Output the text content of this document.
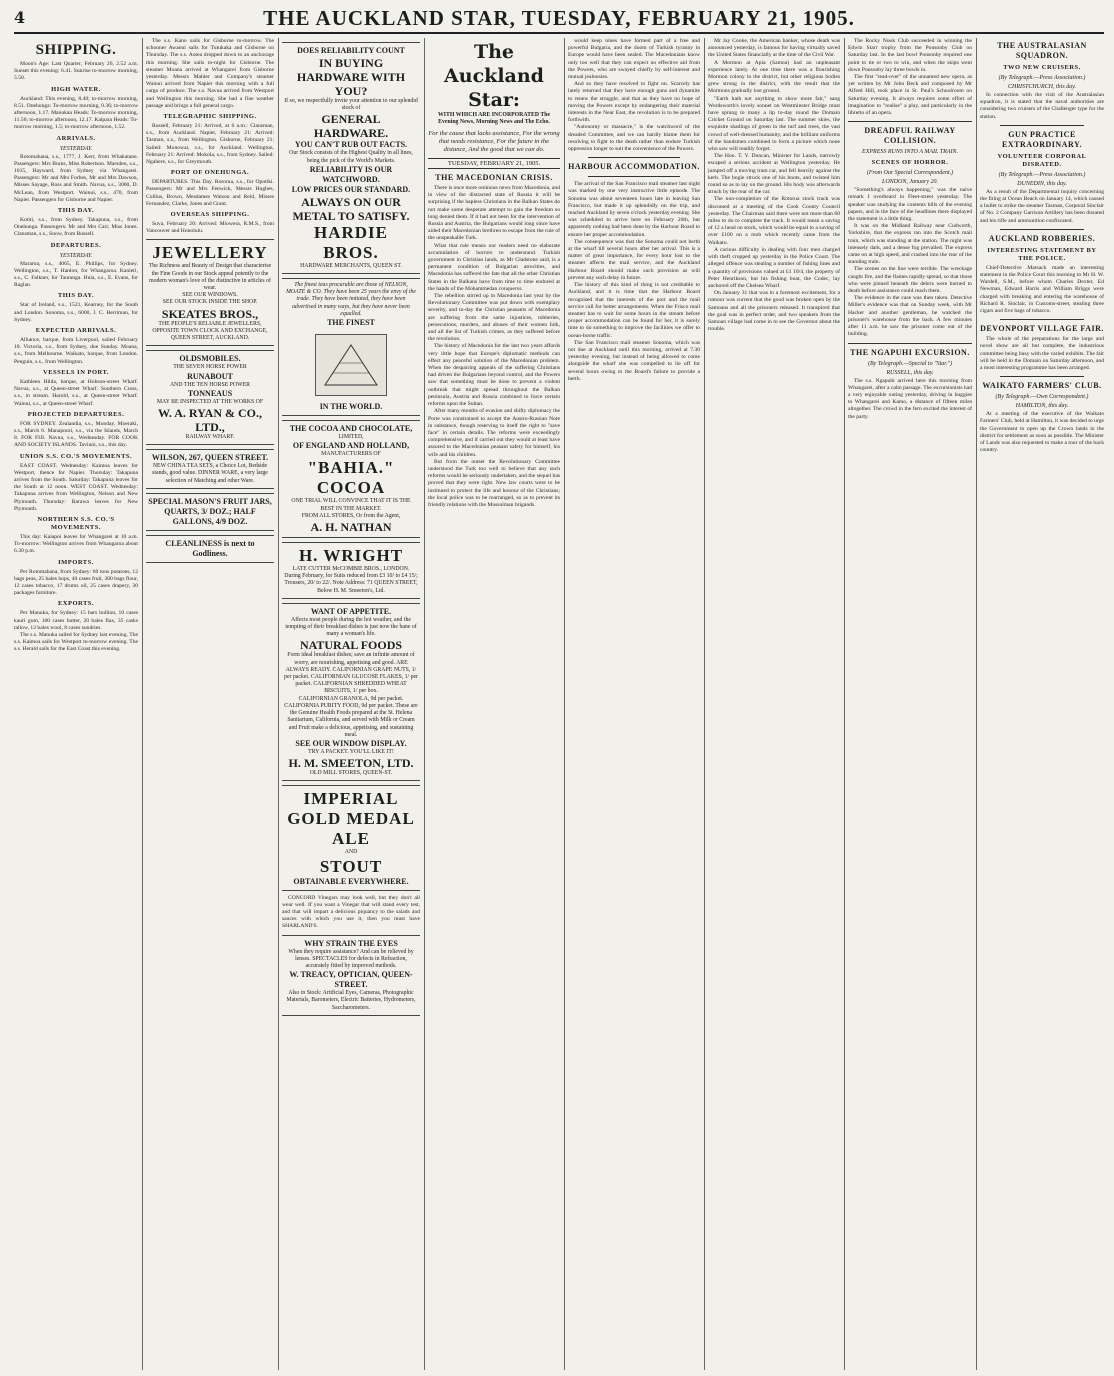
4	THE AUCKLAND STAR, TUESDAY, FEBRUARY 21, 1905.
SHIPPING.

Moon's Age: Last Quarter, February 26, 2.52 a.m. Sunset this evening: 6.41. Sunrise to-morrow morning, 5.50.

HIGH WATER.

Auckland: This evening, 8.40; to-morrow morning, 8.51. Onehunga: To-morrow morning, 0.36; to-morrow afternoon, 1.17. Manukau Heads: To-morrow morning, 11.56; to-morrow afternoon, 12.17. Kaipara Heads: To-morrow morning, 1.5; to-morrow afternoon, 1.52.

ARRIVALS.
YESTERDAY.

Rotomahana, s.s., 1777, J. Kerr, from Whakatane. Passengers: Mrs Burns, Miss Robertson. Marsden, s.s., 1015, Hayward, from Sydney via Whangarei. Passengers: Mr and Mrs Forbes, Mr and Mrs Dawson, Misses Sayage, Ross and Smith. Navua, s.s., 3000, D. McLean, from Westport. Wainui, s.s., 470, from Napier. Passengers for Gisborne and Napier.

THIS DAY.

Kotiti, s.s., from Sydney. Takapuna, s.s., from Onehunga. Passengers: Mr and Mrs Carr, Miss Jones. Clansman, s.s., Snow, from Russell.

DEPARTURES.
YESTERDAY.

Mararoa, s.s., 4065, E. Phillips, for Sydney. Wellington, s.s., T. Hanlon, for Whangaroa. Kanieri, s.s., C. Falkner, for Tauranga. Huia, s.s., E. Evans, for Raglan.

THIS DAY.

Star of Ireland, s.s., 1521, Kearney, for the South and London. Sonoma, s.s., 6000, J. C. Herriman, for Sydney.

EXPECTED ARRIVALS.

Alliance, barque, from Liverpool, sailed February 10. Victoria, s.s., from Sydney, due Sunday. Moana, s.s., from Melbourne. Waikato, barque, from London. Penguin, s.s., from Wellington.

VESSELS IN PORT.

Kathleen Hilda, barque, at Hobson-street Wharf. Navua, s.s., at Queen-street Wharf. Southern Cross, s.s., in stream. Harold, s.s., at Queen-street Wharf. Wainui, s.s., at Queen-street Wharf.

PROJECTED DEPARTURES.

FOR SYDNEY. Zealandia, s.s., Monday. Moeraki, s.s., March 6. Manapouri, s.s., via the Islands, March 8. FOR FIJI. Navua, s.s., Wednesday. FOR COOK AND SOCIETY ISLANDS. Taviuni, s.s., this day.

UNION S.S. CO.'S MOVEMENTS.

EAST COAST. Wednesday: Kaimoa leaves for Westport, thence for Napier. Thursday: Takapuna arrives from the South. Saturday: Takapuna leaves for the South at 12 noon. WEST COAST. Wednesday: Takapuna arrives from Wellington, Nelson and New Plymouth. Thursday: Rarawa leaves for New Plymouth.

NORTHERN S.S. CO.'S MOVEMENTS.

This day: Kaiapoi leaves for Whangarei at 10 a.m. To-morrow: Wellington arrives from Whangaroa about 6.30 p.m.

IMPORTS.

Per Rotomahana, from Sydney: 60 tons potatoes, 12 bags peas, 25 bales hops, 40 cases fruit, 300 bags flour, 12 cases tobacco, 17 drums oil, 25 cases drapery, 30 packages furniture.

EXPORTS.

Per Manuka, for Sydney: 15 bars bullion, 10 cases kauri gum, 100 cases butter, 20 bales flax, 35 casks tallow, 12 bales wool, 8 cases sundries.

The s.s. Manuka sailed for Sydney last evening. The s.s. Kaimoa sails for Westport to-morrow evening. The s.s. Herald sails for the East Coast this evening.

The s.s. Kano sails for Gisborne to-morrow. The schooner Awanui sails for Tutukaka and Gisborne on Thursday. The s.s. Aotea dropped down to an anchorage this morning. She sails to-night for Gisborne. The steamer Moana arrived at Whangarei from Gisborne yesterday. Messrs Mahler and Company's steamer Wainui arrived from Napier this morning with a full cargo of produce. The s.s. Navua arrived from Westport and Wellington this morning. She had a fine weather passage and brings a full general cargo.

TELEGRAPHIC SHIPPING.

Russell, February 21: Arrived, at 6 a.m.: Clansman, s.s., from Auckland. Napier, February 21: Arrived: Tasman, s.s., from Wellington. Gisborne, February 21: Sailed: Monowai, s.s., for Auckland. Wellington, February 21: Arrived: Mokoia, s.s., from Sydney. Sailed: Ngahere, s.s., for Greymouth.

PORT OF ONEHUNGA.

DEPARTURES. This Day. Rotorua, s.s., for Opotiki. Passengers: Mr and Mrs Fenwick, Messrs Hughes, Collins, Brown, Mesdames Watson and Reid, Misses Fernandez, Clarke, Jones and Grant.

OVERSEAS SHIPPING.

Suva, February 20: Arrived: Miowera, R.M.S., from Vancouver and Honolulu.

JEWELLERY
The Richness and Beauty of Design that characterise the Fine Goods in our Stock appeal potently to the modern woman's love of the distinctive in articles of wear.
SEE OUR WINDOWS.
SEE OUR STOCK INSIDE THE SHOP.
SKEATES BROS.,
THE PEOPLE'S RELIABLE JEWELLERS,
OPPOSITE TOWN CLOCK AND EXCHANGE, QUEEN STREET, AUCKLAND.
OLDSMOBILES.
THE SEVEN HORSE POWER
RUNABOUT
AND THE TEN HORSE POWER
TONNEAUS
MAY BE INSPECTED AT THE WORKS OF
W. A. RYAN & CO., LTD.,
RAILWAY WHARF.
WILSON, 267, QUEEN STREET.
NEW CHINA TEA SETS, a Choice Lot, Bedside stands, good value. DINNER WARE, a very large selection of Matching and other Ware.
SPECIAL MASON'S FRUIT JARS,
QUARTS, 3/ DOZ.; HALF GALLONS, 4/9 DOZ.
CLEANLINESS is next to Godliness.
DOES RELIABILITY COUNT
IN BUYING HARDWARE WITH YOU?
If so, we respectfully invite your attention to our splendid stock of
GENERAL HARDWARE.
YOU CAN'T RUB OUT FACTS.
Our Stock consists of the Highest Quality in all lines, being the pick of the World's Markets.
RELIABILITY IS OUR WATCHWORD.
LOW PRICES OUR STANDARD.
ALWAYS ON OUR METAL TO SATISFY.
HARDIE BROS.
HARDWARE MERCHANTS, QUEEN ST.
The finest teas procurable are those of NELSON, MOATE & CO. They have been 25 years the envy of the trade. They have been imitated, they have been advertised in many ways, but they have never been equalled.
THE FINEST
IN THE WORLD.
THE COCOA AND CHOCOLATE,
LIMITED,
OF ENGLAND AND HOLLAND,
MANUFACTURERS OF
"BAHIA." COCOA
ONE TRIAL WILL CONVINCE THAT IT IS THE BEST IN THE MARKET.
FROM ALL STORES, Or from the Agent,
A. H. NATHAN
H. WRIGHT
LATE CUTTER McCOMBIE BROS., LONDON.
During February, for Suits reduced from £3 10/ to £4 15/; Trousers, 20/ to 22/. Note Address: 71 QUEEN STREET, Below H. M. Smeeton's, Ltd.
WANT OF APPETITE.
Affects most people during the hot weather, and the tempting of their breakfast dishes is just now the bane of many a woman's life.
NATURAL FOODS
Form ideal breakfast dishes; save an infinite amount of worry, are nourishing, appetising and good. ARE ALWAYS READY. CALIFORNIAN GRAPE NUTS, 1/ per packet. CALIFORNIAN GLUCOSE FLAKES, 1/ per packet. CALIFORNIAN SHREDDED WHEAT BISCUITS, 1/ per box.
CALIFORNIAN GRANOLA, 9d per packet. CALIFORNIA PURITY FOOD, 9d per packet. These are the Genuine Health Foods prepared at the St. Helena Sanitarium, California, and served with Milk or Cream and Fruit make a delicious, appetising, and sustaining meal.
SEE OUR WINDOW DISPLAY.
TRY A PACKET. YOU'LL LIKE IT!
H. M. SMEETON, LTD.
OLD MILL STORES, QUEEN-ST.
IMPERIAL
GOLD MEDAL
ALE
AND
STOUT
OBTAINABLE EVERYWHERE.

CONCORD Vinegars may look well, but they don't all wear well. If you want a Vinegar that will stand every test, and that will impart a delicious piquancy to the salads and sauces with which you use it, then you must have SHARLAND'S.

WHY STRAIN THE EYES
When they require assistance? And can be relieved by lenses. SPECTACLES for defects in Refraction, accurately fitted by improved methods.
W. TREACY, OPTICIAN, QUEEN-STREET.
Also in Stock: Artificial Eyes, Cameras, Photographic Materials, Barometers, Electric Batteries, Hydrometers, Saccharometers.
The Auckland Star:
WITH WHICH ARE INCORPORATED The Evening News, Morning News and The Echo.
For the cause that lacks assistance, For the wrong that needs resistance, For the future in the distance, And the good that we can do.
TUESDAY, FEBRUARY 21, 1905.
THE MACEDONIAN CRISIS.

There is once more ominous news from Macedonia, and in view of the distracted state of Russia it will be surprising if the hapless Christians in the Balkan States do not make some desperate attempt to gain the freedom so long denied them. If it had not been for the intervention of Russia and Austria, the Bulgarians would long since have aided their Macedonian brethren to escape from the rule of the unspeakable Turk.

What that rule means our readers need no elaborate accumulation of horrors to understand. Turkish government in Christian lands, as Mr Gladstone said, is a permanent condition of Bulgarian atrocities, and Macedonia has suffered the fate that all the other Christian States in the Balkans have from time to time endured at the hands of the Mohammedan conqueror.

The rebellion stirred up in Macedonia last year by the Revolutionary Committee was put down with exemplary severity, and to-day the Christian peasants of Macedonia are suffering from the same injustices, robberies, persecutions, murders, and abuses of their women folk, and all the list of Turkish crimes, as they suffered before the revolution.

The history of Macedonia for the last two years affords very little hope that Europe's diplomatic methods can effect any peaceful solution of the Macedonian problem. When the despairing appeals of the suffering Christians had driven the Bulgarians beyond control, and the Powers saw that something must be done to prevent a violent outbreak that might spread throughout the Balkan peninsula, Austria and Russia combined to force certain reforms upon the Sultan.

After many months of evasion and shifty diplomacy the Porte was constrained to accept the Austro-Russian Note in substance, though reserving to itself the right to "save face" in certain details. The reforms were exceedingly comprehensive, and if carried out they would at least have assured to the Macedonian peasant safety for himself, his wife and his children.

But from the outset the Revolutionary Committee understood the Turk too well to believe that any such reforms would be seriously undertaken, and the sequel has proved that they were right. New law courts were to be instituted to protect the life and honour of the Christians; the local police was to be rearranged, so as to prevent its friendly relations with the Mussulman brigands.

would keep nines have formed part of a free and powerful Bulgaria, and the doom of Turkish tyranny in Europe would have been sealed. The Macedonians know only too well that they can expect no effective aid from the Powers, who are swayed chiefly by self-interest and mutual jealousies.

And so they have resolved to fight on. Scarcely has lately returned that they have enough guns and dynamite to renew the struggle, and that as they have no hope of moving the Powers except by endangering their material interests in the Near East, the revolution is to be prepared forthwith.

"Autonomy or massacre," is the watchword of the dreaded Committee, and we can hardly blame them for resolving to fight to the death rather than endure Turkish oppression longer to suit the convenience of the Powers.

HARBOUR ACCOMMODATION.

The arrival of the San Francisco mail steamer last night was marked by one very instructive little episode. The Sonoma was about seventeen hours late in leaving San Francisco, but made it up splendidly on the trip, and reached Auckland by seven o'clock yesterday evening. She was scheduled to arrive here on February 20th, but apparently nothing had been done by the Harbour Board to ensure her proper accommodation.

The consequence was that the Sonoma could not berth at the wharf till several hours after her arrival. This is a matter of great importance, for every hour lost to the steamer affects the mail service, and the Auckland Harbour Board should make such provision as will prevent any such delay in future.

The history of this kind of thing is not creditable to Auckland, and it is time that the Harbour Board recognised that the interests of the port and the mail service call for better arrangements. When the Frisco mail steamer has to wait for some hours in the stream before proper accommodation can be found for her, it is surely time to do something to improve the facilities we offer to ocean-borne traffic.

The San Francisco mail steamer Sonoma, which was not due at Auckland until this morning, arrived at 7.30 yesterday evening, but instead of being allowed to come alongside the wharf she was compelled to lie off for several hours owing to the Board's failure to provide a berth.

Mr Jay Cooke, the American banker, whose death was announced yesterday, is famous for having virtually saved the United States financially at the time of the Civil War.

A Mormon at Apia (Samoa) had an unpleasant experience lately. At one time there was a flourishing Mormon colony in the district, but other religious bodies grew strong in the district, with the result that the Mormons gradually lost ground.

"Earth hath not anything to show more fair," sang Wordsworth's lovely sonnet on Westminster Bridge must have sprung to many a lip to-day round the Domain Cricket Ground on Saturday last. The summer skies, the exquisite shadings of green in the turf and trees, the vast crowd of well-dressed humanity, and the brilliant uniforms of the bandsmen combined to form a picture which none who saw will readily forget.

The Hon. T. Y. Duncan, Minister for Lands, narrowly escaped a serious accident at Wellington yesterday. He jumped off a moving tram car, and fell heavily against the kerb. The bogie struck one of his boots, and twisted him round so as to lay on the ground. His body was afterwards struck by the rear of the car.

The non-completion of the Rotorua stock track was discussed at a meeting of the Cook County Council yesterday. The Chairman said there were not more than 60 miles to do to complete the track. It would mean a saving of 12 a head on stock, which would be equal to a saving of over £100 on a mob which recently came from the Waikato.

A curious difficulty in dealing with four men charged with theft cropped up yesterday in the Police Court. The alleged offence was stealing a number of fishing lines and a quantity of provisions valued at £1 10/4, the property of Peter Henrikson, but his fishing boat, the Codec, lay anchored off the Chelsea Wharf.

On January 31 that was in a foremost excitement, for a rumour was current that the good was broken open by the Samoans and all the prisoners released. It transpired that the goal was in perfect order, and two speakers from the Samoan village had come in to see the Governor about the trouble.

The Rocky Nook Club succeeded in winning the Edwin Starr trophy from the Ponsonby Club on Saturday last. In the last bowl Ponsonby required one point to tie or two to win, and when the skips went down Ponsonby lay three bowls in.

The first "read-over" of the unnamed new opera, as yet written by Mr John Beck and composed by Mr Alfred Hill, took place in St. Paul's Schoolroom on Saturday evening. It always requires some effort of imagination to "realise" a play, and particularly in the libretto of an opera.

DREADFUL RAILWAY COLLISION.
EXPRESS RUNS INTO A MAIL TRAIN.
SCENES OF HORROR.
(From Our Special Correspondent.)
LONDON, January 20.

"Something's always happening," was the naive remark I overheard in Fleet-street yesterday. The speaker was studying the contents bills of the evening papers, and in the face of the headlines there displayed the statement is a little thing.

It was on the Midland Railway near Cudworth, Yorkshire, that the express ran into the Scotch mail train, which was standing at the station. The night was intensely dark, and a dense fog prevailed. The express came on at high speed, and crashed into the rear of the standing train.

The scenes on the line were terrible. The wreckage caught fire, and the flames rapidly spread, so that those who were pinned beneath the debris were burned to death before assistance could reach them.

The evidence in the case was then taken. Detective Miller's evidence was that on Sunday week, with Mr Hacker and another gentleman, he watched the prisoner's warehouse from the back. A few minutes after 11 a.m. he saw the prisoner come out of the building.

THE NGAPUHI EXCURSION.
(By Telegraph.—Special to "Star.")
RUSSELL, this day.

The s.s. Ngapuhi arrived here this morning from Whangarei, after a calm passage. The excursionists had a very enjoyable outing yesterday, driving in buggies to Whangarei and Kamo, a distance of fifteen miles altogether. The crowd in the fern excited the interest of the party.

THE AUSTRALASIAN SQUADRON.
TWO NEW CRUISERS.
(By Telegraph.—Press Association.)
CHRISTCHURCH, this day.

In connection with the visit of the Australasian squadron, it is stated that the naval authorities are considering two cruisers of the Challenger type for the station.

GUN PRACTICE EXTRAORDINARY.
VOLUNTEER CORPORAL DISRATED.
(By Telegraph.—Press Association.)
DUNEDIN, this day.

As a result of the Departmental inquiry concerning the firing at Ocean Beach on January 14, which caused a bullet to strike the steamer Tasman, Corporal Sinclair of No. 2 Company Garrison Artillery has been disrated and his rifle and ammunition confiscated.

AUCKLAND ROBBERIES.
INTERESTING STATEMENT BY THE POLICE.

Chief-Detective Marsack made an interesting statement in the Police Court this morning to Mr H. W. Wardell, S.M., before whom Charles Dexter, Ed Newman, Edward Harris and William Briggs were charged with breaking and entering the warehouse of Richard R. Sinclair, in Customs-street, stealing three cigars and five bags of tobacco.

DEVONPORT VILLAGE FAIR.

The whole of the preparations for the large and novel show are all but complete, the industrious committee being busy with the varied exhibits. The fair will be held in the Domain on Saturday afternoon, and a most interesting programme has been arranged.

WAIKATO FARMERS' CLUB.
(By Telegraph.—Own Correspondent.)
HAMILTON, this day.

At a meeting of the executive of the Waikato Farmers' Club, held at Hamilton, it was decided to urge the Government to open up the Crown lands in the district for settlement as soon as possible. The Minister of Lands was also requested to make a tour of the back country.
